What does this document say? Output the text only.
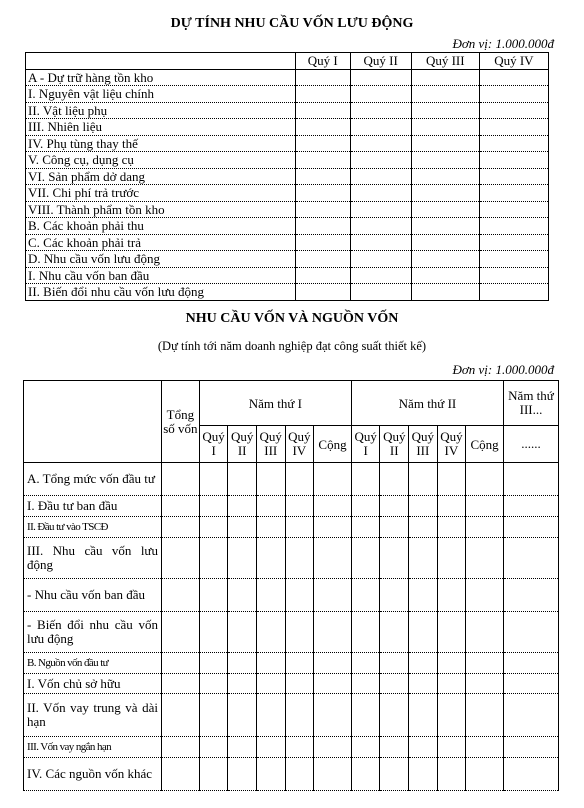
DỰ TÍNH NHU CẦU VỐN LƯU ĐỘNG
Đơn vị: 1.000.000đ
	Quý I	Quý II	Quý III	Quý IV
A - Dự trữ hàng tồn kho				
I. Nguyên vật liệu chính				
II. Vật liệu phụ				
III. Nhiên liệu				
IV. Phụ tùng thay thế				
V. Công cụ, dụng cụ				
VI. Sản phẩm dở dang				
VII. Chi phí trả trước				
VIII. Thành phẩm tồn kho				
B. Các khoản phải thu				
C. Các khoản phải trả				
D. Nhu cầu vốn lưu động				
I. Nhu cầu vốn ban đầu				
II. Biến đổi nhu cầu vốn lưu động				
NHU CẦU VỐN VÀ NGUỒN VỐN
(Dự tính tới năm doanh nghiệp đạt công suất thiết kế)
Đơn vị: 1.000.000đ
	Tổng số vốn	Năm thứ I					Năm thứ II					Năm thứ III...
		Quý I	Quý II	Quý III	Quý IV	Cộng	Quý I	Quý II	Quý III	Quý IV	Cộng	......
A. Tổng mức vốn đầu tư												
I. Đầu tư ban đầu												
II. Đầu tư vào TSCĐ												
III. Nhu cầu vốn lưu động												
- Nhu cầu vốn ban đầu												
- Biến đổi nhu cầu vốn lưu động												
B. Nguồn vốn đầu tư												
I. Vốn chủ sở hữu												
II. Vốn vay trung và dài hạn												
III. Vốn vay ngắn hạn												
IV. Các nguồn vốn khác												
